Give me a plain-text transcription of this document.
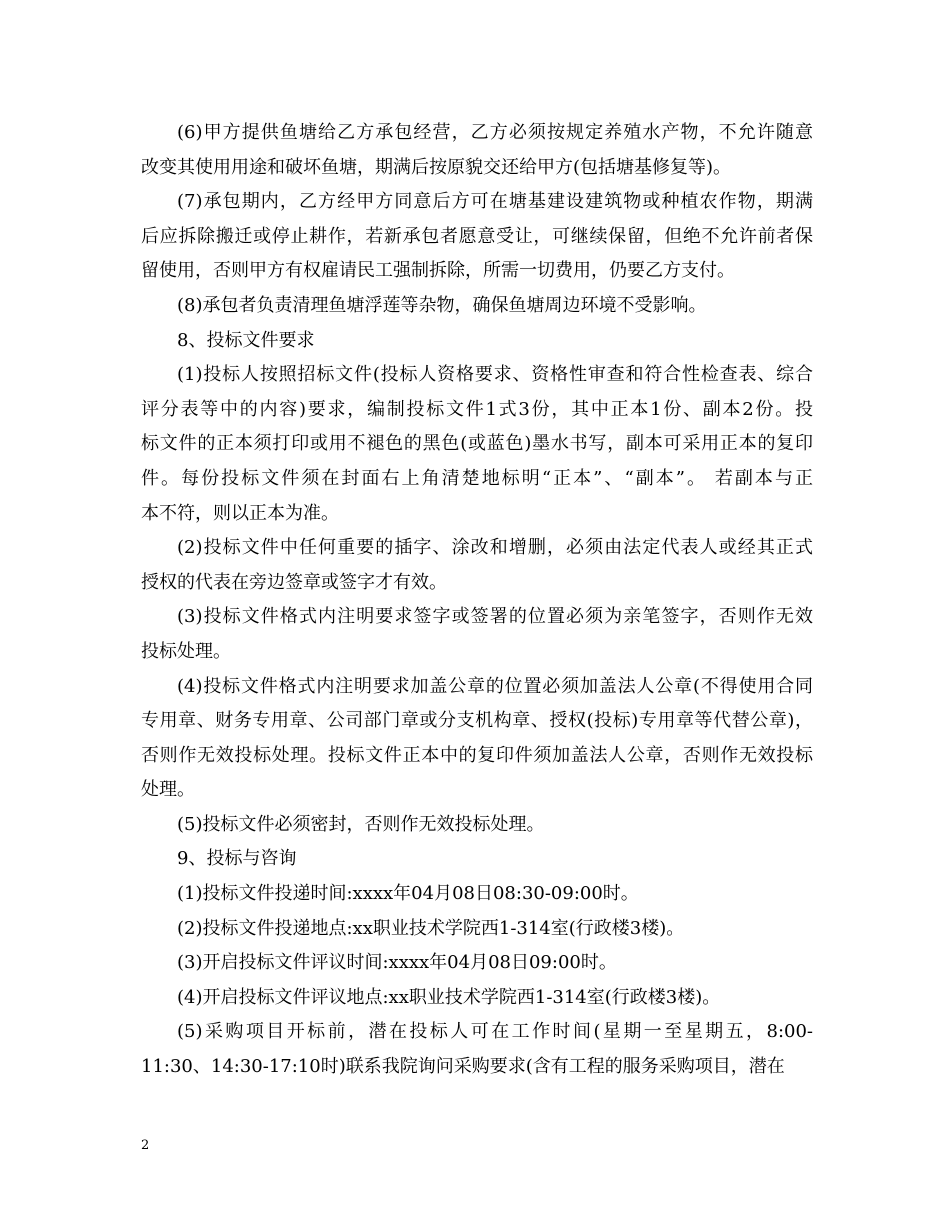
(6)甲方提供鱼塘给乙方承包经营，乙方必须按规定养殖水产物，不允许随意
改变其使用用途和破坏鱼塘，期满后按原貌交还给甲方(包括塘基修复等)。
(7)承包期内，乙方经甲方同意后方可在塘基建设建筑物或种植农作物，期满
后应拆除搬迁或停止耕作，若新承包者愿意受让，可继续保留，但绝不允许前者保
留使用，否则甲方有权雇请民工强制拆除，所需一切费用，仍要乙方支付。
(8)承包者负责清理鱼塘浮莲等杂物，确保鱼塘周边环境不受影响。
8、投标文件要求
(1)投标人按照招标文件(投标人资格要求、资格性审查和符合性检查表、综合
评分表等中的内容)要求，编制投标文件1式3份，其中正本1份、副本2份。投
标文件的正本须打印或用不褪色的黑色(或蓝色)墨水书写，副本可采用正本的复印
件。每份投标文件须在封面右上角清楚地标明“正本”、“副本”。 若副本与正
本不符，则以正本为准。
(2)投标文件中任何重要的插字、涂改和增删，必须由法定代表人或经其正式
授权的代表在旁边签章或签字才有效。
(3)投标文件格式内注明要求签字或签署的位置必须为亲笔签字，否则作无效
投标处理。
(4)投标文件格式内注明要求加盖公章的位置必须加盖法人公章(不得使用合同
专用章、财务专用章、公司部门章或分支机构章、授权(投标)专用章等代替公章)，
否则作无效投标处理。投标文件正本中的复印件须加盖法人公章，否则作无效投标
处理。
(5)投标文件必须密封，否则作无效投标处理。
9、投标与咨询
(1)投标文件投递时间:xxxx年04月08日08:30-09:00时。
(2)投标文件投递地点:xx职业技术学院西1-314室(行政楼3楼)。
(3)开启投标文件评议时间:xxxx年04月08日09:00时。
(4)开启投标文件评议地点:xx职业技术学院西1-314室(行政楼3楼)。
(5)采购项目开标前，潜在投标人可在工作时间(星期一至星期五，8:00-
11:30、14:30-17:10时)联系我院询问采购要求(含有工程的服务采购项目，潜在
2
